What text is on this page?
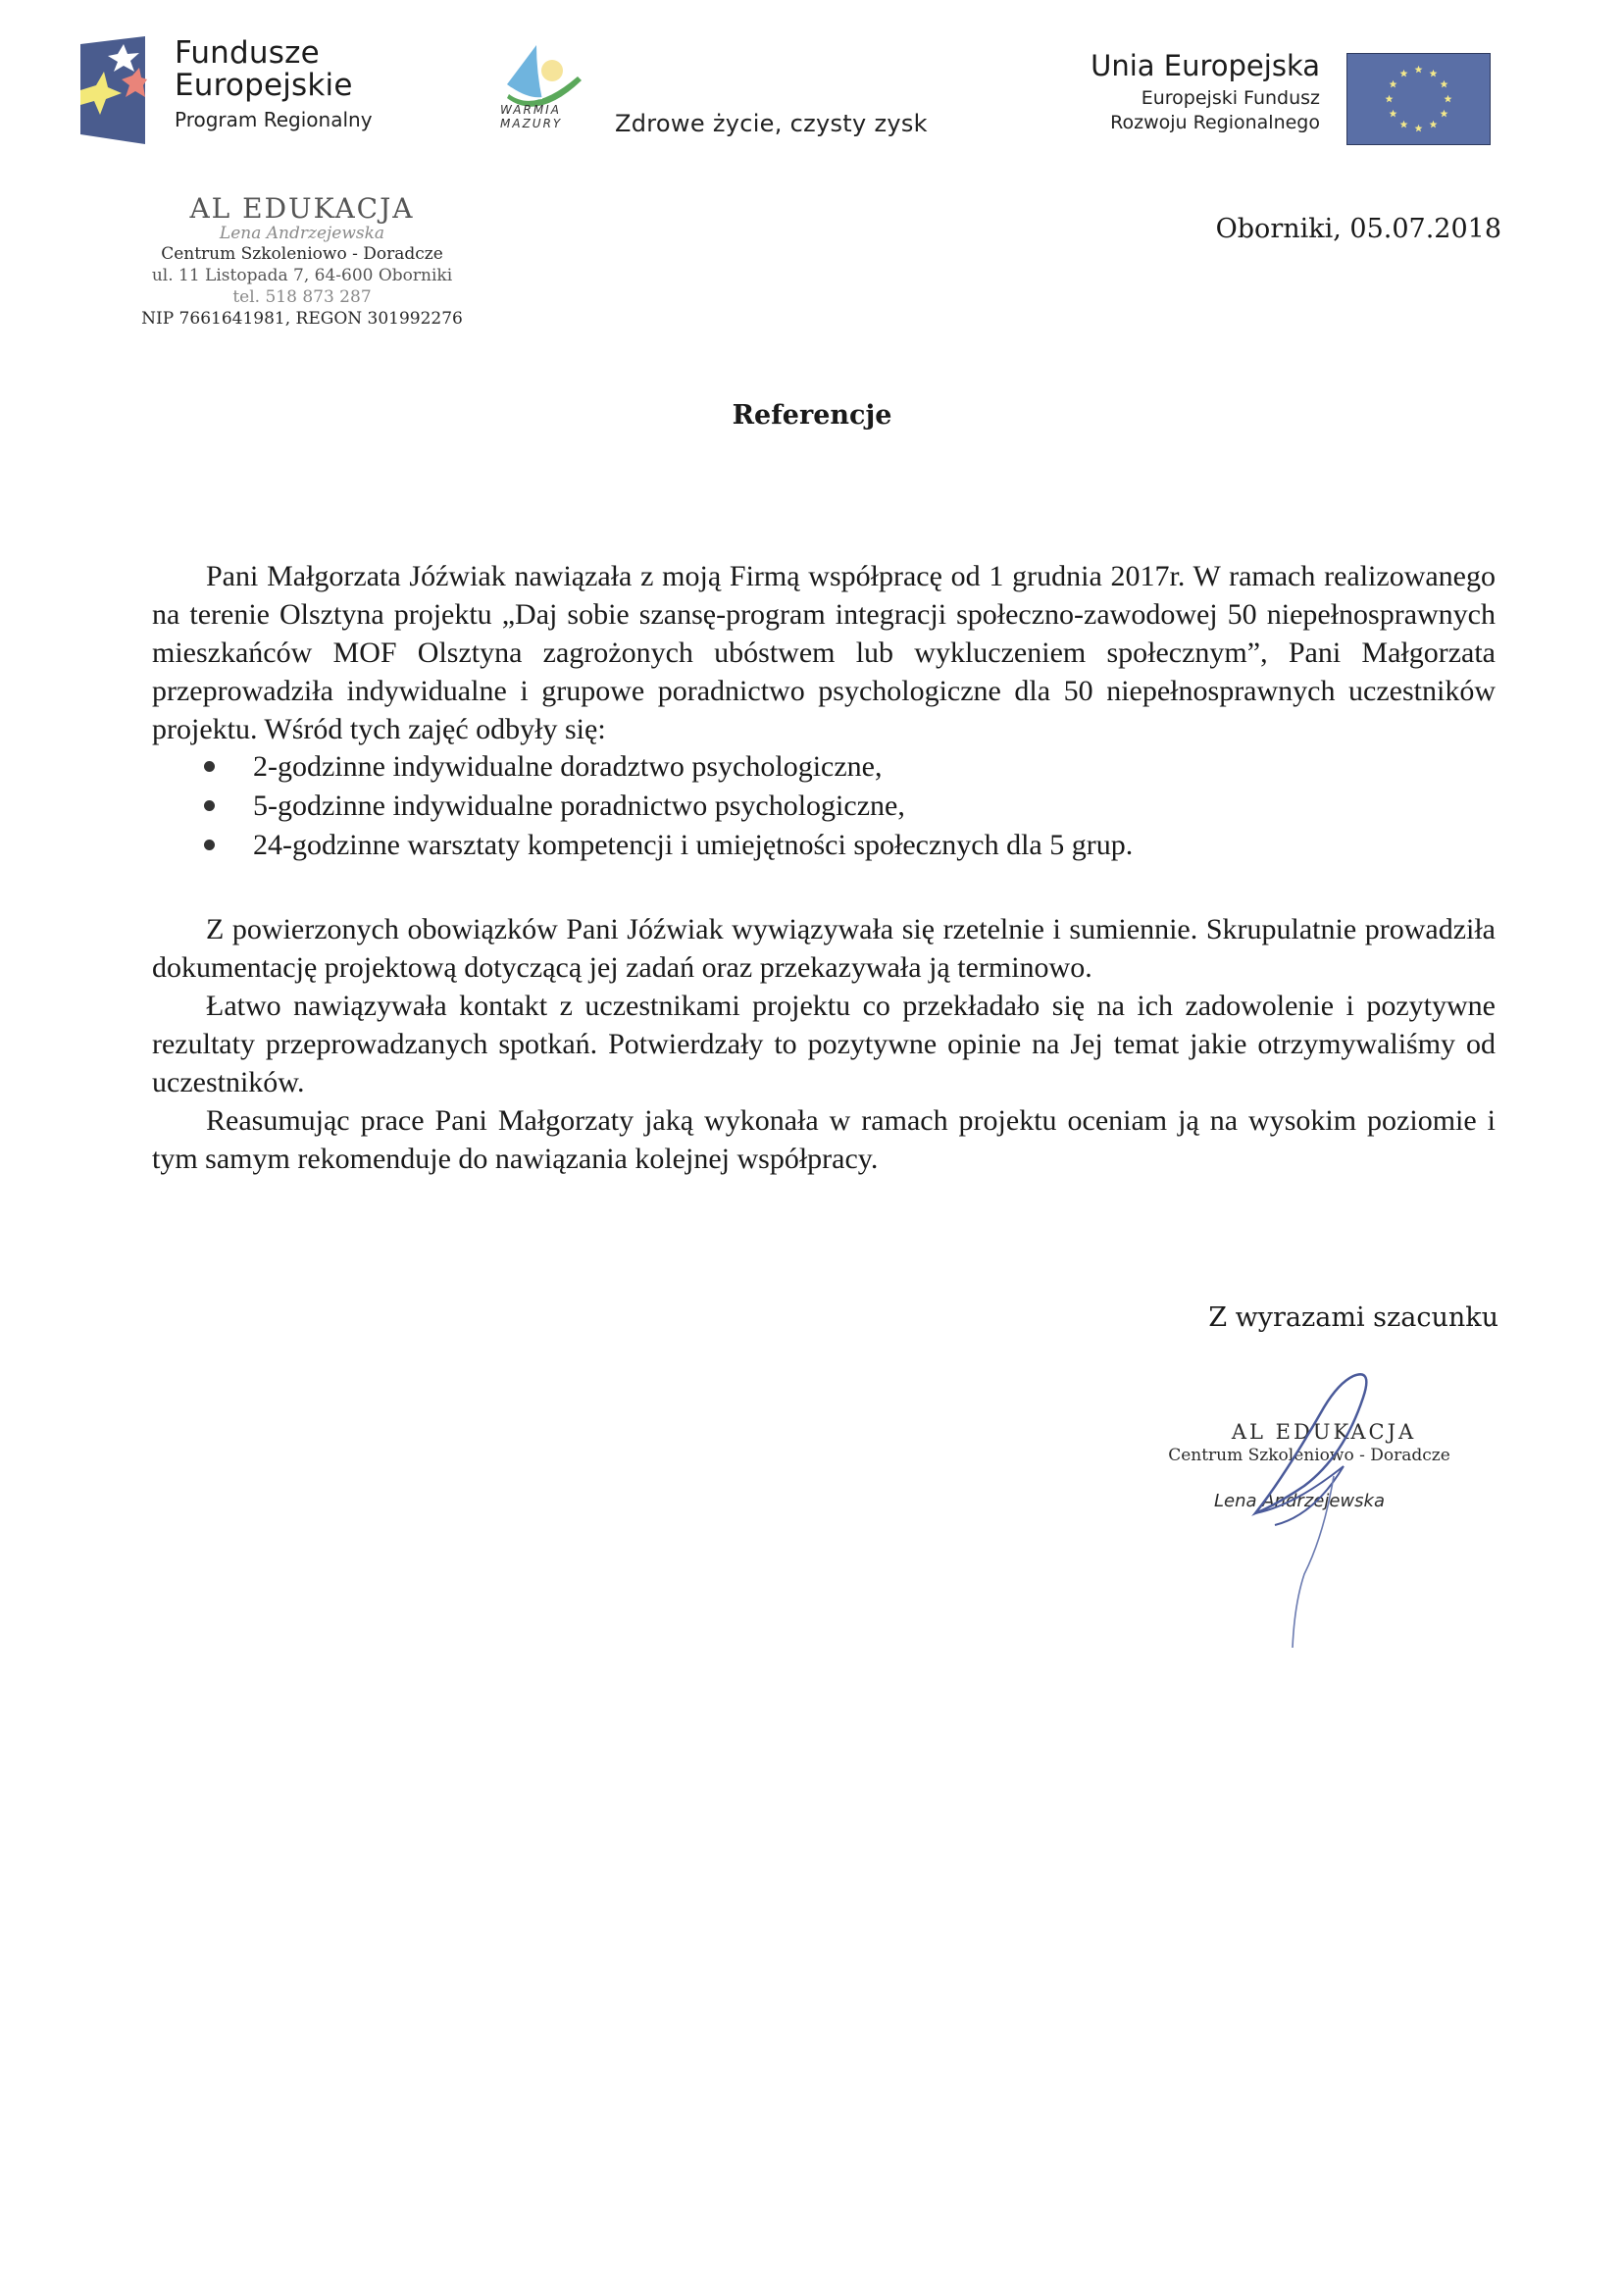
Fundusze
Europejskie
Program Regionalny	WARMIA
MAZURY Zdrowe życie, czysty zysk
Unia Europejska
Europejski Fundusz
Rozwoju Regionalnego
AL EDUKACJA
Lena Andrzejewska
Centrum Szkoleniowo - Doradcze
ul. 11 Listopada 7, 64-600 Oborniki
tel. 518 873 287
NIP 7661641981, REGON 301992276
Oborniki, 05.07.2018
Referencje

Pani Małgorzata Jóźwiak nawiązała z moją Firmą współpracę od 1 grudnia 2017r. W ramach realizowanego na terenie Olsztyna projektu „Daj sobie szansę-program integracji społeczno-zawodowej 50 niepełnosprawnych mieszkańców MOF Olsztyna zagrożonych ubóstwem lub wykluczeniem społecznym”, Pani Małgorzata przeprowadziła indywidualne i grupowe poradnictwo psychologiczne dla 50 niepełnosprawnych uczestników projektu. Wśród tych zajęć odbyły się:

2-godzinne indywidualne doradztwo psychologiczne,
5-godzinne indywidualne poradnictwo psychologiczne,
24-godzinne warsztaty kompetencji i umiejętności społecznych dla 5 grup.

Z powierzonych obowiązków Pani Jóźwiak wywiązywała się rzetelnie i sumiennie. Skrupulatnie prowadziła dokumentację projektową dotyczącą jej zadań oraz przekazywała ją terminowo.

Łatwo nawiązywała kontakt z uczestnikami projektu co przekładało się na ich zadowolenie i pozytywne rezultaty przeprowadzanych spotkań. Potwierdzały to pozytywne opinie na Jej temat jakie otrzymywaliśmy od uczestników.

Reasumując prace Pani Małgorzaty jaką wykonała w ramach projektu oceniam ją na wysokim poziomie i tym samym rekomenduje do nawiązania kolejnej współpracy.

Z wyrazami szacunku
AL EDUKACJA
Centrum Szkoleniowo - Doradcze
Lena Andrzejewska
